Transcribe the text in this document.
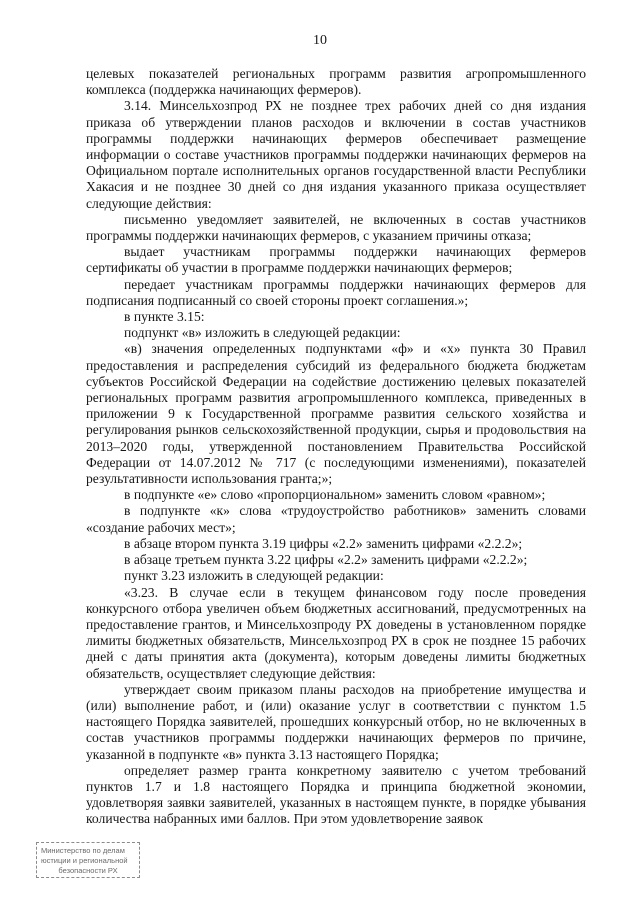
10

целевых показателей региональных программ развития агропромышленного комплекса (поддержка начинающих фермеров).

3.14. Минсельхозпрод РХ не позднее трех рабочих дней со дня издания приказа об утверждении планов расходов и включении в состав участников программы поддержки начинающих фермеров обеспечивает размещение информации о составе участников программы поддержки начинающих фермеров на Официальном портале исполнительных органов государственной власти Республики Хакасия и не позднее 30 дней со дня издания указанного приказа осуществляет следующие действия:

письменно уведомляет заявителей, не включенных в состав участников программы поддержки начинающих фермеров, с указанием причины отказа;

выдает участникам программы поддержки начинающих фермеров сертификаты об участии в программе поддержки начинающих фермеров;

передает участникам программы поддержки начинающих фермеров для подписания подписанный со своей стороны проект соглашения.»;

в пункте 3.15:

подпункт «в» изложить в следующей редакции:

«в) значения определенных подпунктами «ф» и «х» пункта 30 Правил предоставления и распределения субсидий из федерального бюджета бюджетам субъектов Российской Федерации на содействие достижению целевых показателей региональных программ развития агропромышленного комплекса, приведенных в приложении 9 к Государственной программе развития сельского хозяйства и регулирования рынков сельскохозяйственной продукции, сырья и продовольствия на 2013–2020 годы, утвержденной постановлением Правительства Российской Федерации от 14.07.2012 № 717 (с последующими изменениями), показателей результативности использования гранта;»;

в подпункте «е» слово «пропорциональном» заменить словом «равном»;

в подпункте «к» слова «трудоустройство работников» заменить словами «создание рабочих мест»;

в абзаце втором пункта 3.19 цифры «2.2» заменить цифрами «2.2.2»;

в абзаце третьем пункта 3.22 цифры «2.2» заменить цифрами «2.2.2»;

пункт 3.23 изложить в следующей редакции:

«3.23. В случае если в текущем финансовом году после проведения конкурсного отбора увеличен объем бюджетных ассигнований, предусмотренных на предоставление грантов, и Минсельхозпроду РХ доведены в установленном порядке лимиты бюджетных обязательств, Минсельхозпрод РХ в срок не позднее 15 рабочих дней с даты принятия акта (документа), которым доведены лимиты бюджетных обязательств, осуществляет следующие действия:

утверждает своим приказом планы расходов на приобретение имущества и (или) выполнение работ, и (или) оказание услуг в соответствии с пунктом 1.5 настоящего Порядка заявителей, прошедших конкурсный отбор, но не включенных в состав участников программы поддержки начинающих фермеров по причине, указанной в подпункте «в» пункта 3.13 настоящего Порядка;

определяет размер гранта конкретному заявителю с учетом требований пунктов 1.7 и 1.8 настоящего Порядка и принципа бюджетной экономии, удовлетворяя заявки заявителей, указанных в настоящем пункте, в порядке убывания количества набранных ими баллов. При этом удовлетворение заявок

Министерство по делам
юстиции и региональной
безопасности РХ
